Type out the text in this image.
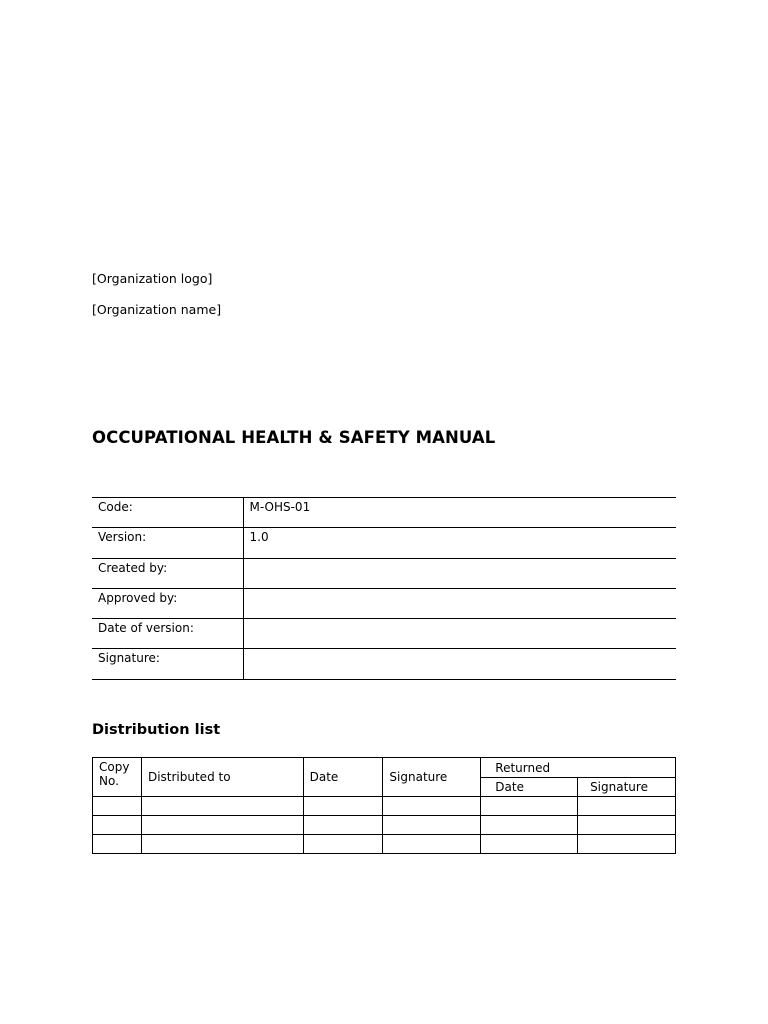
[Organization logo]
[Organization name]
OCCUPATIONAL HEALTH & SAFETY MANUAL
Code:	M-OHS-01
Version:	1.0
Created by:	
Approved by:	
Date of version:	
Signature:	
Distribution list
Copy
No.	Distributed to	Date	Signature	Returned	
				Date	Signature
